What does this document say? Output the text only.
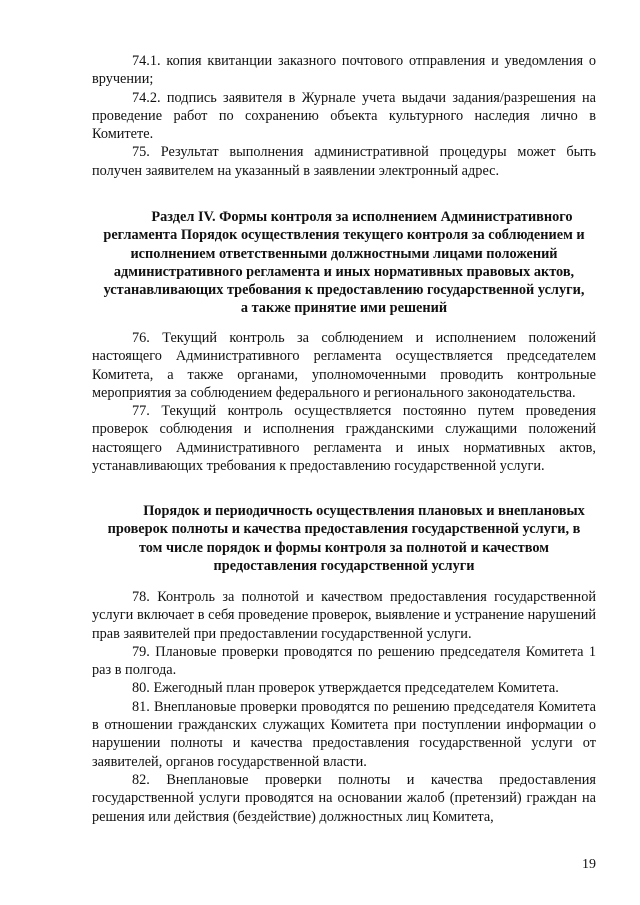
74.1. копия квитанции заказного почтового отправления и уведомления о вручении;

74.2. подпись заявителя в Журнале учета выдачи задания/разрешения на проведение работ по сохранению объекта культурного наследия лично в Комитете.

75. Результат выполнения административной процедуры может быть получен заявителем на указанный в заявлении электронный адрес.

Раздел IV. Формы контроля за исполнением Административного регламента Порядок осуществления текущего контроля за соблюдением и исполнением ответственными должностными лицами положений административного регламента и иных нормативных правовых актов, устанавливающих требования к предоставлению государственной услуги, а также принятие ими решений

76. Текущий контроль за соблюдением и исполнением положений настоящего Административного регламента осуществляется председателем Комитета, а также органами, уполномоченными проводить контрольные мероприятия за соблюдением федерального и регионального законодательства.

77. Текущий контроль осуществляется постоянно путем проведения проверок соблюдения и исполнения гражданскими служащими положений настоящего Административного регламента и иных нормативных актов, устанавливающих требования к предоставлению государственной услуги.

Порядок и периодичность осуществления плановых и внеплановых проверок полноты и качества предоставления государственной услуги, в том числе порядок и формы контроля за полнотой и качеством предоставления государственной услуги

78. Контроль за полнотой и качеством предоставления государственной услуги включает в себя проведение проверок, выявление и устранение нарушений прав заявителей при предоставлении государственной услуги.

79. Плановые проверки проводятся по решению председателя Комитета 1 раз в полгода.

80. Ежегодный план проверок утверждается председателем Комитета.

81. Внеплановые проверки проводятся по решению председателя Комитета в отношении гражданских служащих Комитета при поступлении информации о нарушении полноты и качества предоставления государственной услуги от заявителей, органов государственной власти.

82. Внеплановые проверки полноты и качества предоставления государственной услуги проводятся на основании жалоб (претензий) граждан на решения или действия (бездействие) должностных лиц Комитета,

19
